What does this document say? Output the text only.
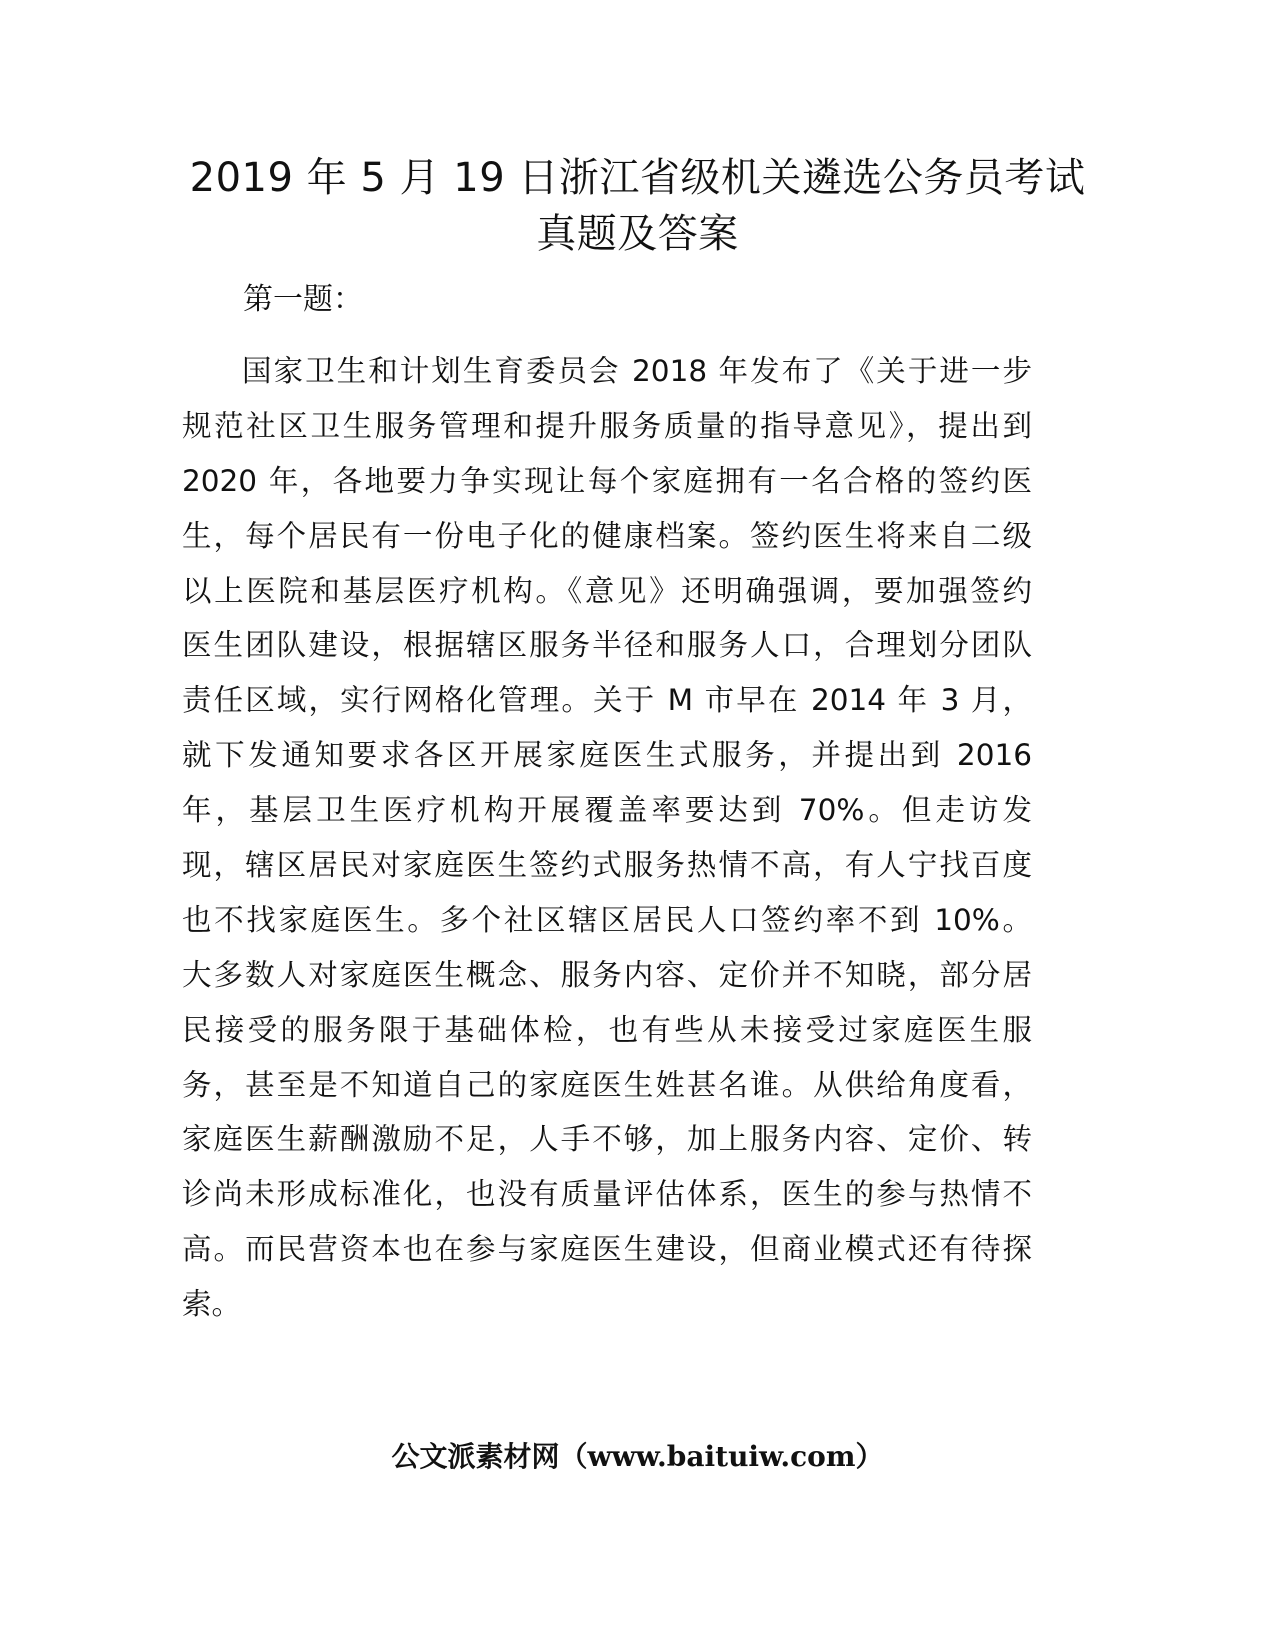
2019 年 5 月 19 日浙江省级机关遴选公务员考试
真题及答案

第一题：

国家卫生和计划生育委员会 2018 年发布了《关于进一步
规范社区卫生服务管理和提升服务质量的指导意见》，提出到
2020 年，各地要力争实现让每个家庭拥有一名合格的签约医
生，每个居民有一份电子化的健康档案。签约医生将来自二级
以上医院和基层医疗机构。《意见》还明确强调，要加强签约
医生团队建设，根据辖区服务半径和服务人口，合理划分团队
责任区域，实行网格化管理。关于 M 市早在 2014 年 3 月，
就下发通知要求各区开展家庭医生式服务，并提出到 2016
年，基层卫生医疗机构开展覆盖率要达到 70%。但走访发
现，辖区居民对家庭医生签约式服务热情不高，有人宁找百度
也不找家庭医生。多个社区辖区居民人口签约率不到 10%。
大多数人对家庭医生概念、服务内容、定价并不知晓，部分居
民接受的服务限于基础体检，也有些从未接受过家庭医生服
务，甚至是不知道自己的家庭医生姓甚名谁。从供给角度看，
家庭医生薪酬激励不足，人手不够，加上服务内容、定价、转
诊尚未形成标准化，也没有质量评估体系，医生的参与热情不
高。而民营资本也在参与家庭医生建设，但商业模式还有待探
索。

公文派素材网（www.baituiw.com）
